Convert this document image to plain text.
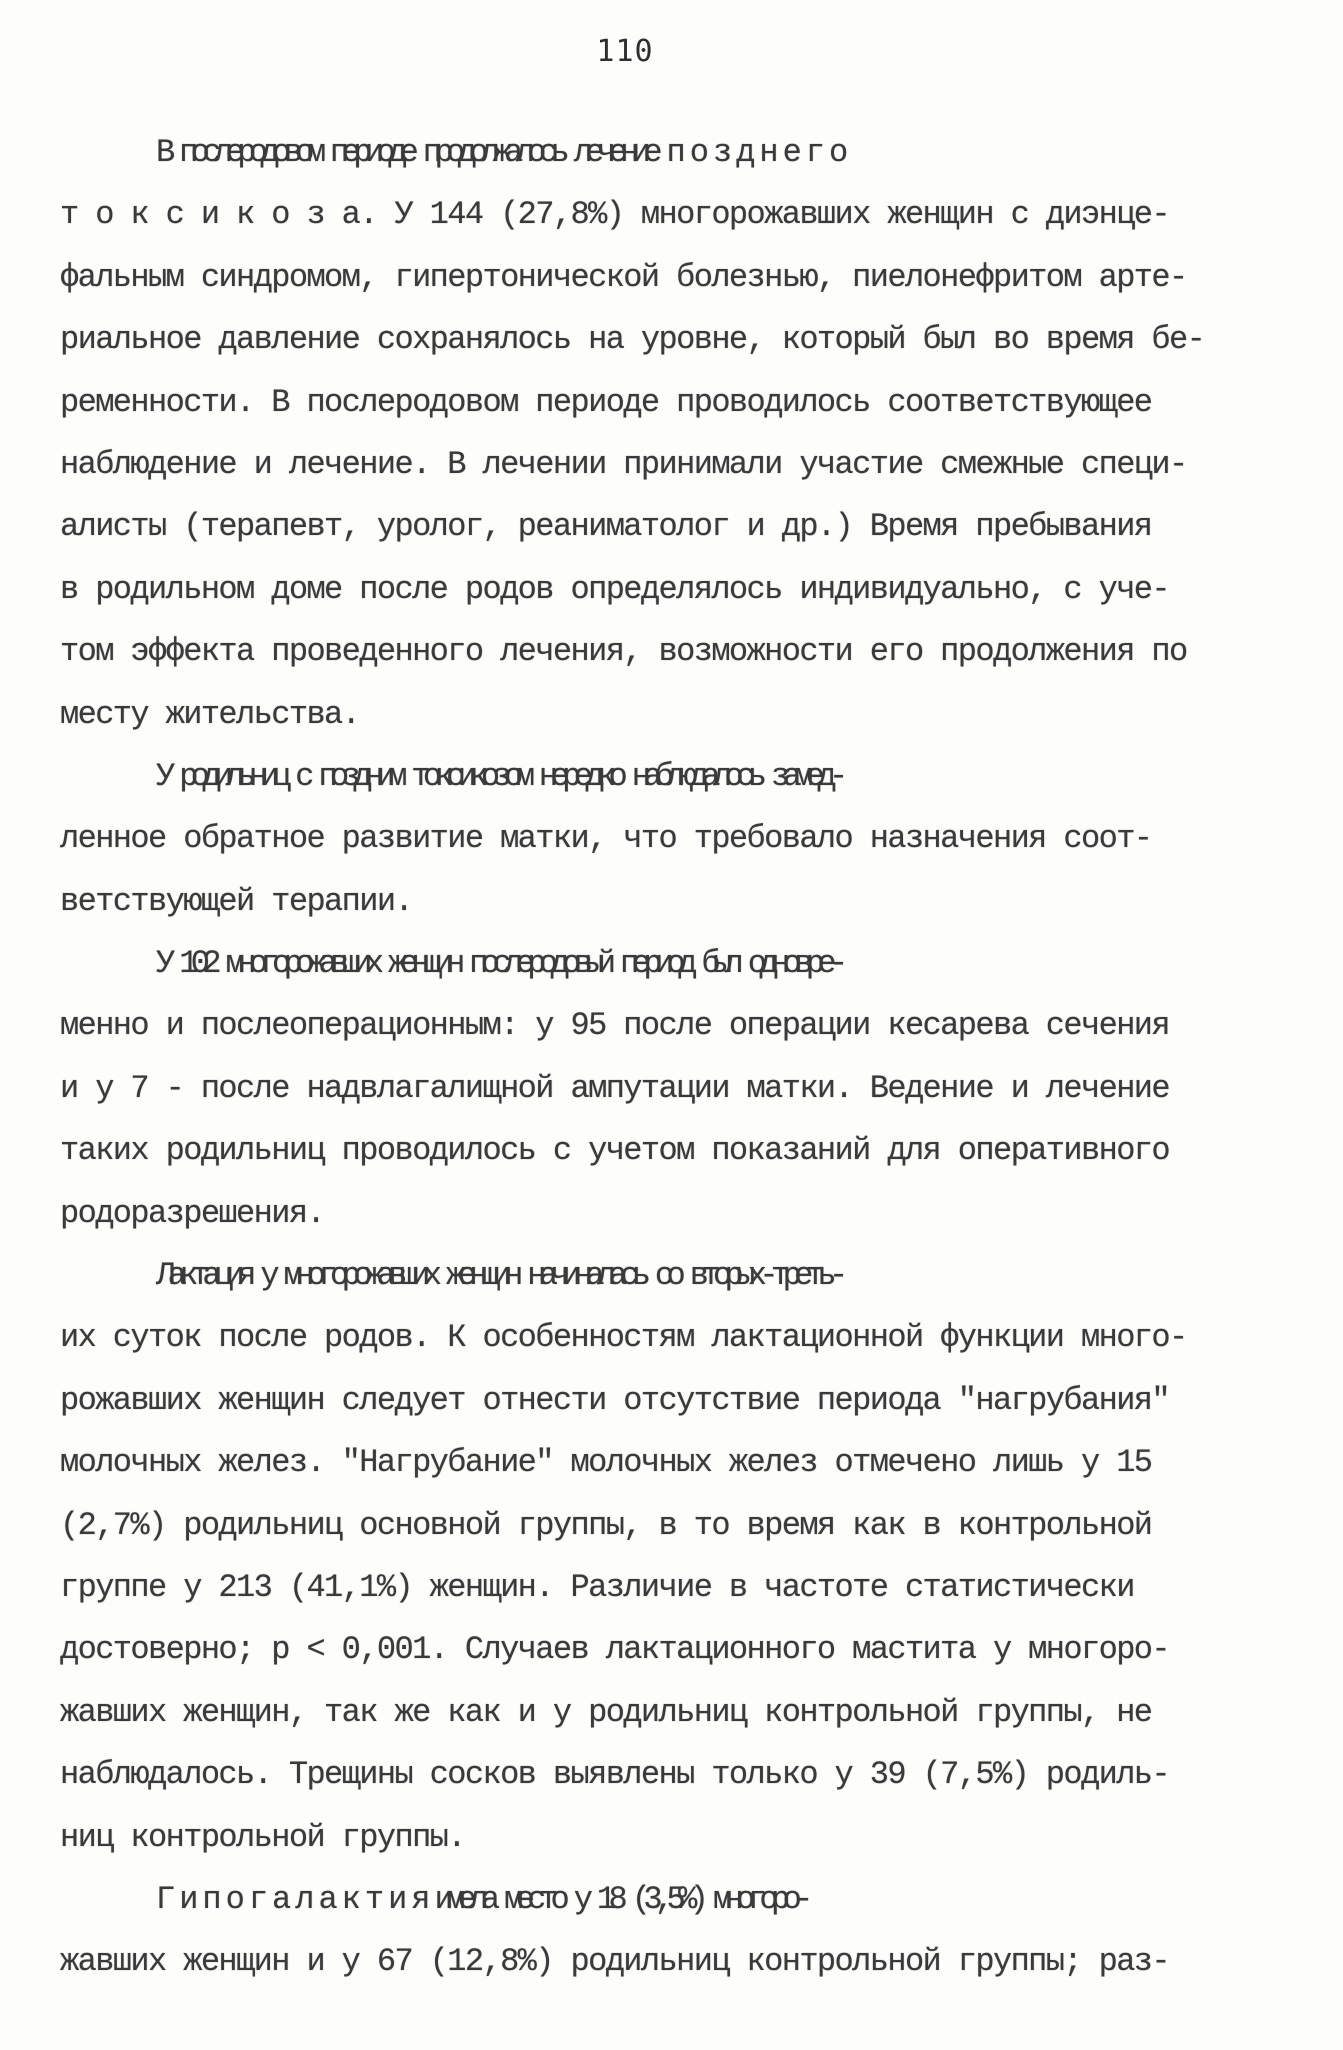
110
В послеродовом периоде продолжалось лечение п о з д н е г о
т о к с и к о з а. У 144 (27,8%) многорожавших женщин с диэнце-
фальным синдромом, гипертонической болезнью, пиелонефритом арте-
риальное давление сохранялось на уровне, который был во время бе-
ременности. В послеродовом периоде проводилось соответствующее
наблюдение и лечение. В лечении принимали участие смежные специ-
алисты (терапевт, уролог, реаниматолог и др.) Время пребывания
в родильном доме после родов определялось индивидуально, с уче-
том эффекта проведенного лечения, возможности его продолжения по
месту жительства.
У родильниц с поздним токсикозом нередко наблюдалось замед-
ленное обратное развитие матки, что требовало назначения соот-
ветствующей терапии.
У 102 многорожавших женщин послеродовый период был одновре-
менно и послеоперационным: у 95 после операции кесарева сечения
и у 7 - после надвлагалищной ампутации матки. Ведение и лечение
таких родильниц проводилось с учетом показаний для оперативного
родоразрешения.
Лактация у многорожавших женщин начиналась со вторых-треть-
их суток после родов. К особенностям лактационной функции много-
рожавших женщин следует отнести отсутствие периода "нагрубания"
молочных желез. "Нагрубание" молочных желез отмечено лишь у 15
(2,7%) родильниц основной группы, в то время как в контрольной
группе у 213 (41,1%) женщин. Различие в частоте статистически
достоверно; р < 0,001. Случаев лактационного мастита у многоро-
жавших женщин, так же как и у родильниц контрольной группы, не
наблюдалось. Трещины сосков выявлены только у 39 (7,5%) родиль-
ниц контрольной группы.
Г и п о г а л а к т и я имела место у 18 (3,5%) многоро-
жавших женщин и у 67 (12,8%) родильниц контрольной группы; раз-
